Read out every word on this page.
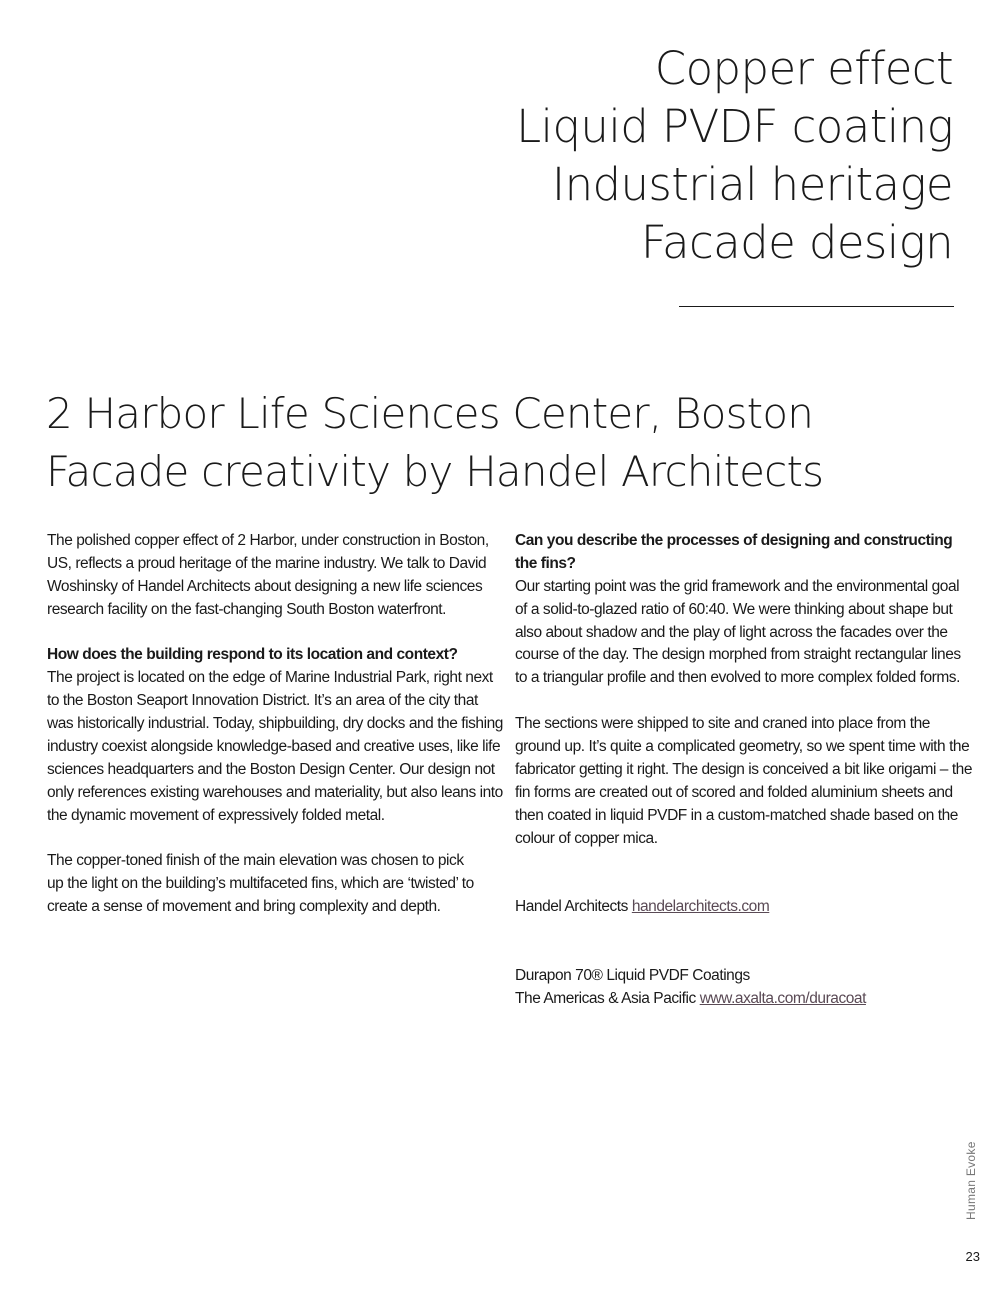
Copper effect
Liquid PVDF coating
Industrial heritage
Facade design
2 Harbor Life Sciences Center, Boston
Facade creativity by Handel Architects
The polished copper effect of 2 Harbor, under construction in Boston,
US, reflects a proud heritage of the marine industry. We talk to David
Woshinsky of Handel Architects about designing a new life sciences
research facility on the fast-changing South Boston waterfront.
How does the building respond to its location and context?
The project is located on the edge of Marine Industrial Park, right next
to the Boston Seaport Innovation District. It’s an area of the city that
was historically industrial. Today, shipbuilding, dry docks and the fishing
industry coexist alongside knowledge-based and creative uses, like life
sciences headquarters and the Boston Design Center. Our design not
only references existing warehouses and materiality, but also leans into
the dynamic movement of expressively folded metal.
The copper-toned finish of the main elevation was chosen to pick
up the light on the building’s multifaceted fins, which are ‘twisted’ to
create a sense of movement and bring complexity and depth.
Can you describe the processes of designing and constructing
the fins?
Our starting point was the grid framework and the environmental goal
of a solid-to-glazed ratio of 60:40. We were thinking about shape but
also about shadow and the play of light across the facades over the
course of the day. The design morphed from straight rectangular lines
to a triangular profile and then evolved to more complex folded forms.
The sections were shipped to site and craned into place from the
ground up. It’s quite a complicated geometry, so we spent time with the
fabricator getting it right. The design is conceived a bit like origami – the
fin forms are created out of scored and folded aluminium sheets and
then coated in liquid PVDF in a custom-matched shade based on the
colour of copper mica.
Handel Architects handelarchitects.com
Durapon 70® Liquid PVDF Coatings
The Americas & Asia Pacific www.axalta.com/duracoat
Human Evoke
23
